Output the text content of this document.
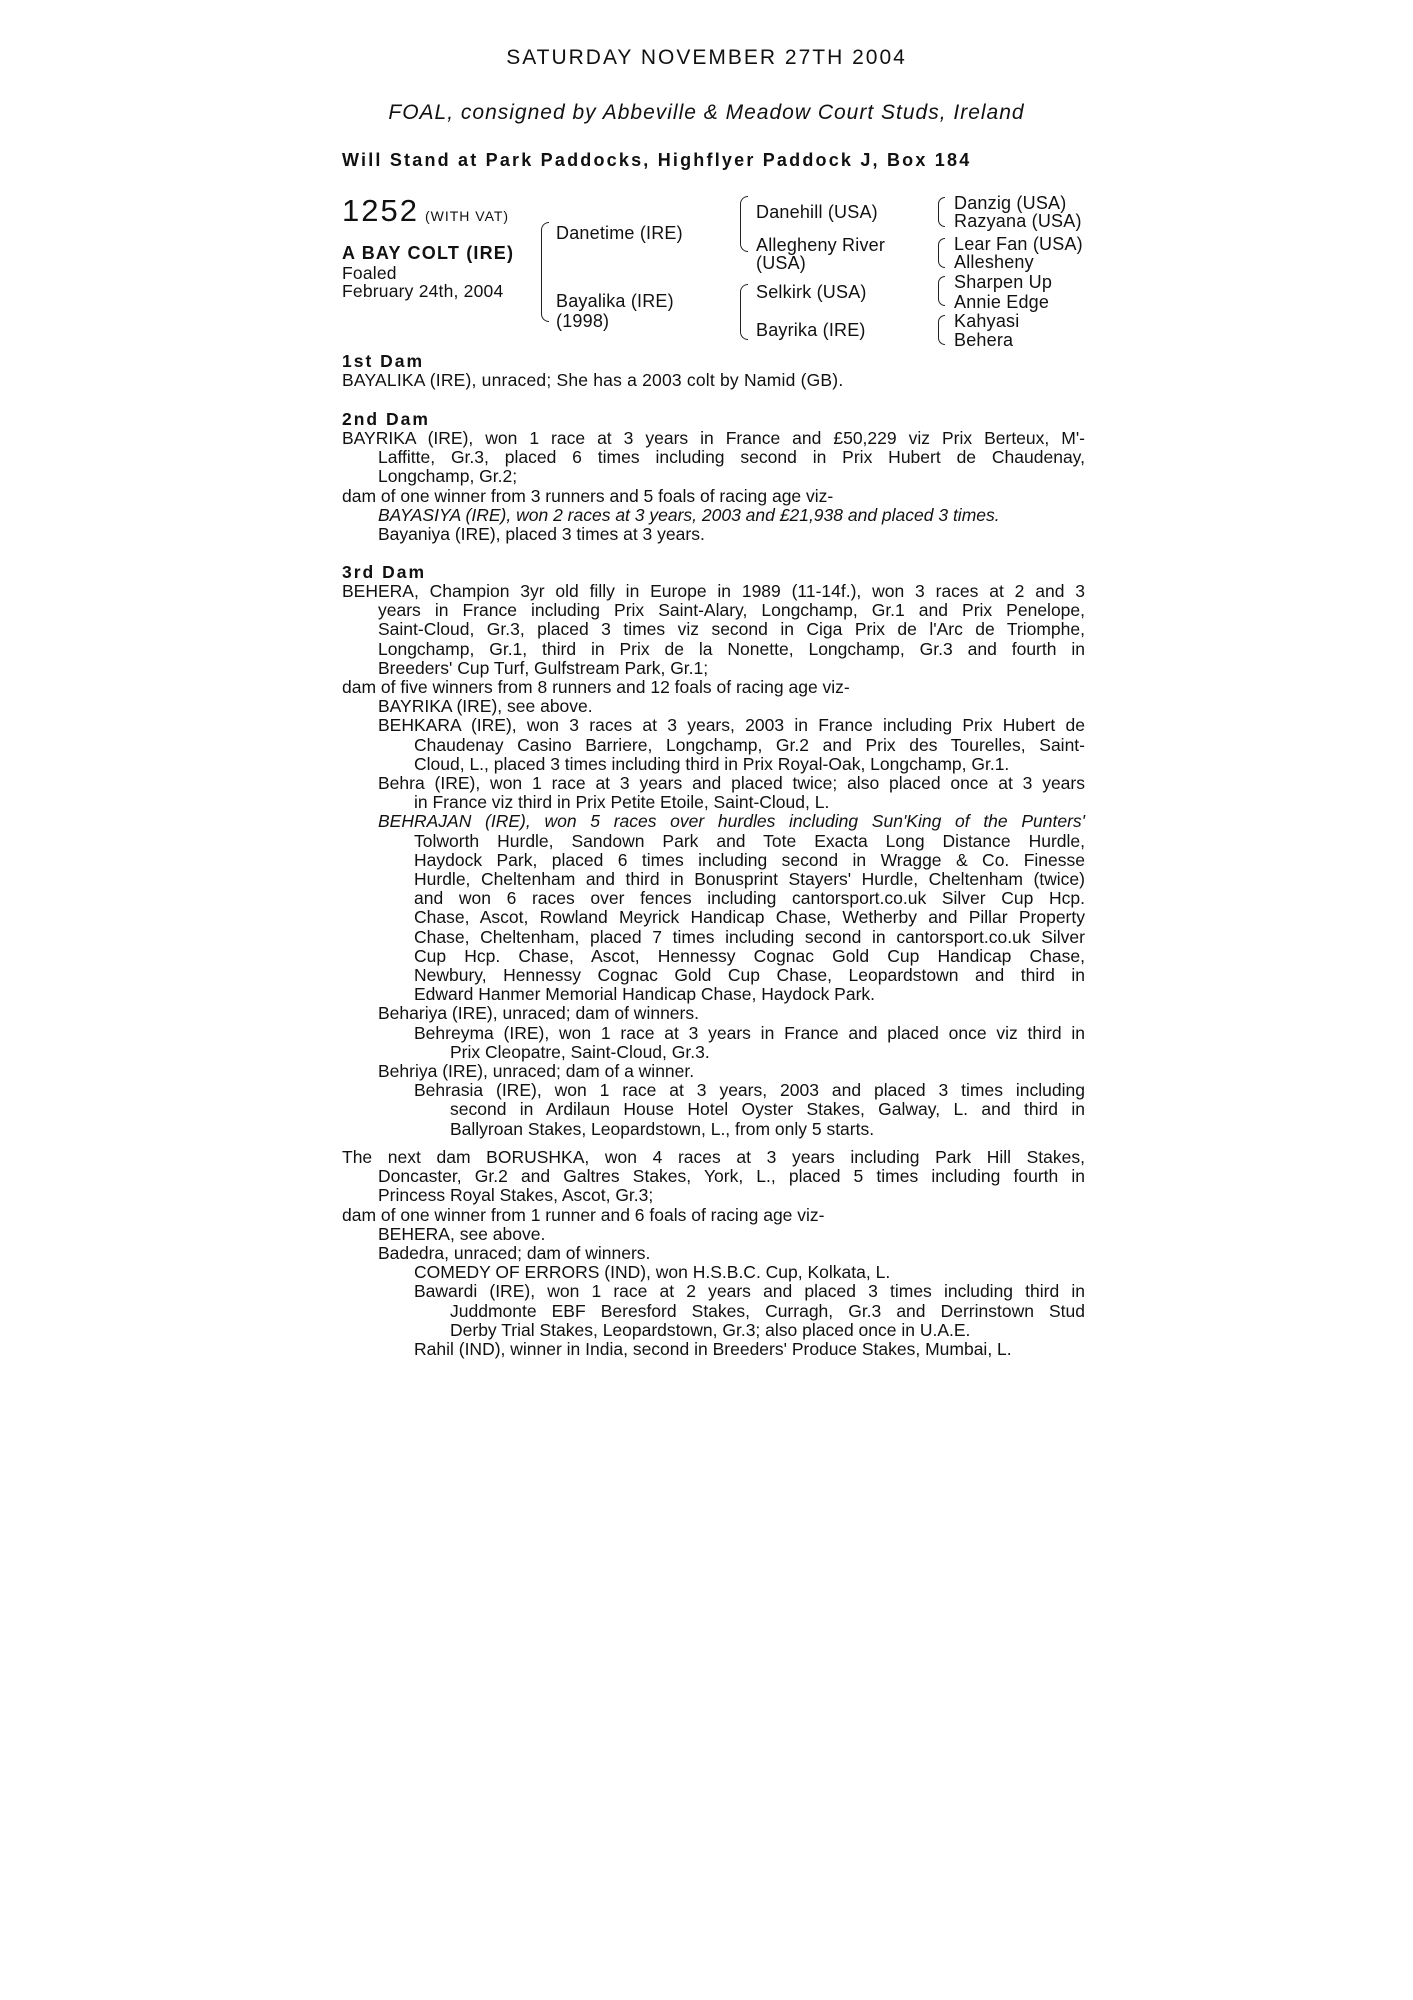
SATURDAY NOVEMBER 27TH 2004
FOAL, consigned by Abbeville & Meadow Court Studs, Ireland
Will Stand at Park Paddocks, Highflyer Paddock J, Box 184
1252 (WITH VAT)
A BAY COLT (IRE)
Foaled
February 24th, 2004
Danetime (IRE)
Bayalika (IRE)
(1998)
Danehill (USA)
Allegheny River
(USA)
Selkirk (USA)
Bayrika (IRE)
Danzig (USA)
Razyana (USA)
Lear Fan (USA)
Allesheny
Sharpen Up
Annie Edge
Kahyasi
Behera
1st Dam
BAYALIKA (IRE), unraced; She has a 2003 colt by Namid (GB).
2nd Dam
BAYRIKA (IRE), won 1 race at 3 years in France and £50,229 viz Prix Berteux, M'-
Laffitte, Gr.3, placed 6 times including second in Prix Hubert de Chaudenay,
Longchamp, Gr.2;
dam of one winner from 3 runners and 5 foals of racing age viz-
BAYASIYA (IRE), won 2 races at 3 years, 2003 and £21,938 and placed 3 times.
Bayaniya (IRE), placed 3 times at 3 years.
3rd Dam
BEHERA, Champion 3yr old filly in Europe in 1989 (11-14f.), won 3 races at 2 and 3
years in France including Prix Saint-Alary, Longchamp, Gr.1 and Prix Penelope,
Saint-Cloud, Gr.3, placed 3 times viz second in Ciga Prix de l'Arc de Triomphe,
Longchamp, Gr.1, third in Prix de la Nonette, Longchamp, Gr.3 and fourth in
Breeders' Cup Turf, Gulfstream Park, Gr.1;
dam of five winners from 8 runners and 12 foals of racing age viz-
BAYRIKA (IRE), see above.
BEHKARA (IRE), won 3 races at 3 years, 2003 in France including Prix Hubert de
Chaudenay Casino Barriere, Longchamp, Gr.2 and Prix des Tourelles, Saint-
Cloud, L., placed 3 times including third in Prix Royal-Oak, Longchamp, Gr.1.
Behra (IRE), won 1 race at 3 years and placed twice; also placed once at 3 years
in France viz third in Prix Petite Etoile, Saint-Cloud, L.
BEHRAJAN (IRE), won 5 races over hurdles including Sun'King of the Punters'
Tolworth Hurdle, Sandown Park and Tote Exacta Long Distance Hurdle,
Haydock Park, placed 6 times including second in Wragge & Co. Finesse
Hurdle, Cheltenham and third in Bonusprint Stayers' Hurdle, Cheltenham (twice)
and won 6 races over fences including cantorsport.co.uk Silver Cup Hcp.
Chase, Ascot, Rowland Meyrick Handicap Chase, Wetherby and Pillar Property
Chase, Cheltenham, placed 7 times including second in cantorsport.co.uk Silver
Cup Hcp. Chase, Ascot, Hennessy Cognac Gold Cup Handicap Chase,
Newbury, Hennessy Cognac Gold Cup Chase, Leopardstown and third in
Edward Hanmer Memorial Handicap Chase, Haydock Park.
Behariya (IRE), unraced; dam of winners.
Behreyma (IRE), won 1 race at 3 years in France and placed once viz third in
Prix Cleopatre, Saint-Cloud, Gr.3.
Behriya (IRE), unraced; dam of a winner.
Behrasia (IRE), won 1 race at 3 years, 2003 and placed 3 times including
second in Ardilaun House Hotel Oyster Stakes, Galway, L. and third in
Ballyroan Stakes, Leopardstown, L., from only 5 starts.
The next dam BORUSHKA, won 4 races at 3 years including Park Hill Stakes,
Doncaster, Gr.2 and Galtres Stakes, York, L., placed 5 times including fourth in
Princess Royal Stakes, Ascot, Gr.3;
dam of one winner from 1 runner and 6 foals of racing age viz-
BEHERA, see above.
Badedra, unraced; dam of winners.
COMEDY OF ERRORS (IND), won H.S.B.C. Cup, Kolkata, L.
Bawardi (IRE), won 1 race at 2 years and placed 3 times including third in
Juddmonte EBF Beresford Stakes, Curragh, Gr.3 and Derrinstown Stud
Derby Trial Stakes, Leopardstown, Gr.3; also placed once in U.A.E.
Rahil (IND), winner in India, second in Breeders' Produce Stakes, Mumbai, L.
